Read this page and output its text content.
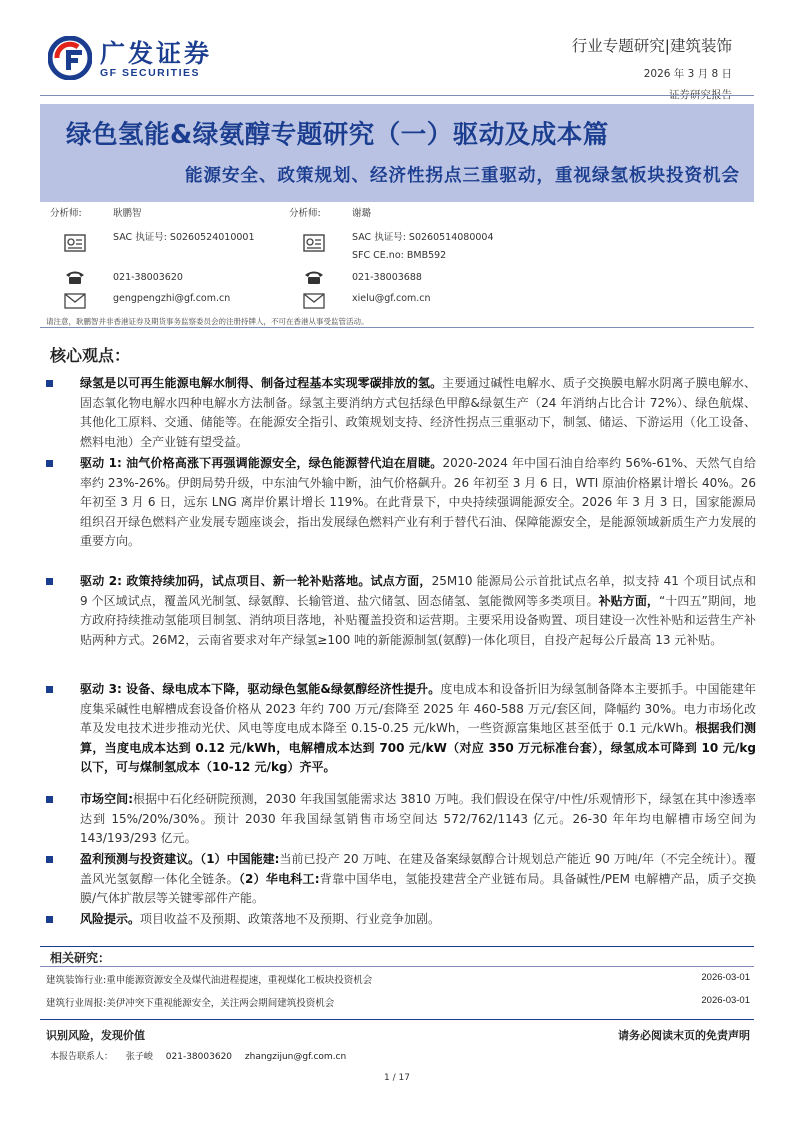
广发证券
GF SECURITIES
行业专题研究|建筑装饰
2026 年 3 月 8 日
证券研究报告
绿色氢能&绿氨醇专题研究（一）驱动及成本篇
能源安全、政策规划、经济性拐点三重驱动，重视绿氢板块投资机会
分析师:	耿鹏智
SAC 执证号: S0260524010001
021-38003620
gengpengzhi@gf.com.cn
分析师:	谢璐
SAC 执证号: S0260514080004
SFC CE.no: BMB592
021-38003688
xielu@gf.com.cn
请注意，耿鹏智并非香港证券及期货事务监察委员会的注册持牌人，不可在香港从事受监管活动。
核心观点：
绿氢是以可再生能源电解水制得、制备过程基本实现零碳排放的氢。主要通过碱性电解水、质子交换膜电解水阴离子膜电解水、固态氧化物电解水四种电解水方法制备。绿氢主要消纳方式包括绿色甲醇&绿氨生产（24 年消纳占比合计 72%）、绿色航煤、其他化工原料、交通、储能等。在能源安全指引、政策规划支持、经济性拐点三重驱动下，制氢、储运、下游运用（化工设备、燃料电池）全产业链有望受益。
驱动 1: 油气价格高涨下再强调能源安全，绿色能源替代迫在眉睫。2020-2024 年中国石油自给率约 56%-61%、天然气自给率约 23%-26%。伊朗局势升级，中东油气外输中断，油气价格飙升。26 年初至 3 月 6 日，WTI 原油价格累计增长 40%。26 年初至 3 月 6 日，远东 LNG 离岸价累计增长 119%。在此背景下，中央持续强调能源安全。2026 年 3 月 3 日，国家能源局组织召开绿色燃料产业发展专题座谈会，指出发展绿色燃料产业有利于替代石油、保障能源安全，是能源领域新质生产力发展的重要方向。
驱动 2: 政策持续加码，试点项目、新一轮补贴落地。试点方面，25M10 能源局公示首批试点名单，拟支持 41 个项目试点和 9 个区域试点，覆盖风光制氢、绿氨醇、长输管道、盐穴储氢、固态储氢、氢能微网等多类项目。补贴方面，“十四五”期间，地方政府持续推动氢能项目制氢、消纳项目落地，补贴覆盖投资和运营期。主要采用设备购置、项目建设一次性补贴和运营生产补贴两种方式。26M2，云南省要求对年产绿氢≥100 吨的新能源制氢(氨醇)一体化项目，自投产起每公斤最高 13 元补贴。
驱动 3: 设备、绿电成本下降，驱动绿色氢能&绿氨醇经济性提升。度电成本和设备折旧为绿氢制备降本主要抓手。中国能建年度集采碱性电解槽成套设备价格从 2023 年约 700 万元/套降至 2025 年 460-588 万元/套区间，降幅约 30%。电力市场化改革及发电技术进步推动光伏、风电等度电成本降至 0.15-0.25 元/kWh，一些资源富集地区甚至低于 0.1 元/kWh。根据我们测算，当度电成本达到 0.12 元/kWh，电解槽成本达到 700 元/kW（对应 350 万元标准台套），绿氢成本可降到 10 元/kg 以下，可与煤制氢成本（10-12 元/kg）齐平。
市场空间:根据中石化经研院预测，2030 年我国氢能需求达 3810 万吨。我们假设在保守/中性/乐观情形下，绿氢在其中渗透率达到 15%/20%/30%。预计 2030 年我国绿氢销售市场空间达 572/762/1143 亿元。26-30 年年均电解槽市场空间为 143/193/293 亿元。
盈利预测与投资建议。（1）中国能建:当前已投产 20 万吨、在建及备案绿氨醇合计规划总产能近 90 万吨/年（不完全统计）。覆盖风光氢氨醇一体化全链条。（2）华电科工:背靠中国华电，氢能投建营全产业链布局。具备碱性/PEM 电解槽产品，质子交换膜/气体扩散层等关键零部件产能。
风险提示。项目收益不及预期、政策落地不及预期、行业竞争加剧。
相关研究：
建筑装饰行业:重申能源资源安全及煤代油进程提速，重视煤化工板块投资机会	2026-03-01
建筑行业周报:美伊冲突下重视能源安全，关注两会期间建筑投资机会	2026-03-01
识别风险，发现价值	请务必阅读末页的免责声明
本报告联系人： 张子峻 021-38003620 zhangzijun@gf.com.cn
1 / 17
